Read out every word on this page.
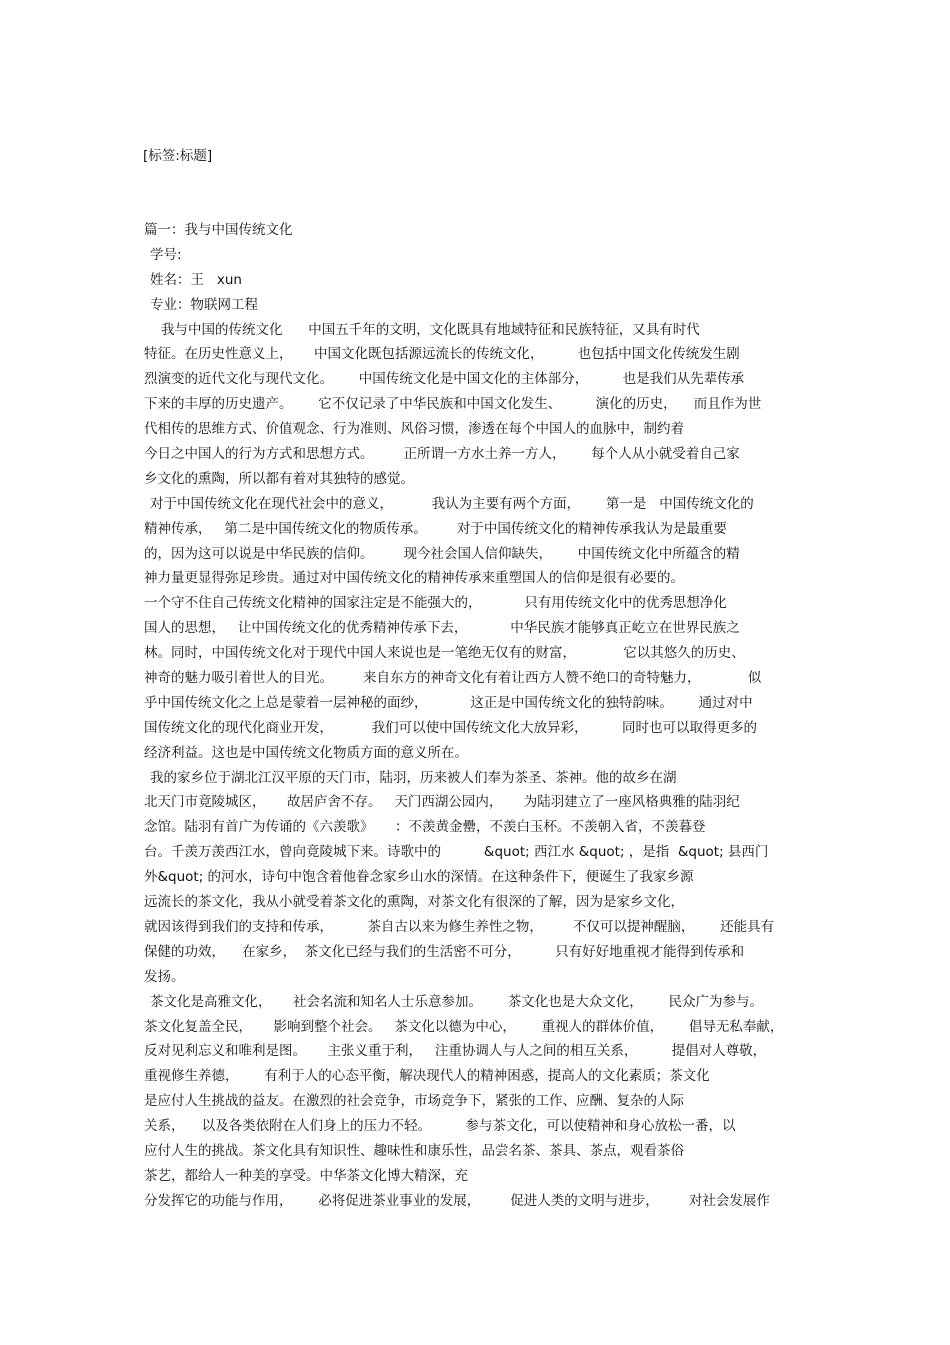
[标签:标题]
篇一：我与中国传统文化
学号:
姓名：王   xun
专业：物联网工程
我与中国的传统文化      中国五千年的文明，文化既具有地域特征和民族特征，又具有时代
特征。在历史性意义上，     中国文化既包括源远流长的传统文化，        也包括中国文化传统发生剧
烈演变的近代文化与现代文化。      中国传统文化是中国文化的主体部分，        也是我们从先辈传承
下来的丰厚的历史遗产。      它不仅记录了中华民族和中国文化发生、        演化的历史，    而且作为世
代相传的思维方式、价值观念、行为准则、风俗习惯，渗透在每个中国人的血脉中，制约着
今日之中国人的行为方式和思想方式。       正所谓一方水土养一方人，      每个人从小就受着自己家
乡文化的熏陶，所以都有着对其独特的感觉。
对于中国传统文化在现代社会中的意义，         我认为主要有两个方面，      第一是   中国传统文化的
精神传承，   第二是中国传统文化的物质传承。       对于中国传统文化的精神传承我认为是最重要
的，因为这可以说是中华民族的信仰。       现今社会国人信仰缺失，      中国传统文化中所蕴含的精
神力量更显得弥足珍贵。通过对中国传统文化的精神传承来重塑国人的信仰是很有必要的。
一个守不住自己传统文化精神的国家注定是不能强大的，          只有用传统文化中的优秀思想净化
国人的思想，   让中国传统文化的优秀精神传承下去，          中华民族才能够真正屹立在世界民族之
林。同时，中国传统文化对于现代中国人来说也是一笔绝无仅有的财富，           它以其悠久的历史、
神奇的魅力吸引着世人的目光。       来自东方的神奇文化有着让西方人赞不绝口的奇特魅力，           似
乎中国传统文化之上总是蒙着一层神秘的面纱，          这正是中国传统文化的独特韵味。      通过对中
国传统文化的现代化商业开发，         我们可以使中国传统文化大放异彩，        同时也可以取得更多的
经济利益。这也是中国传统文化物质方面的意义所在。
我的家乡位于湖北江汉平原的天门市，陆羽，历来被人们奉为茶圣、茶神。他的故乡在湖
北天门市竟陵城区，     故居庐舍不存。   天门西湖公园内，     为陆羽建立了一座风格典雅的陆羽纪
念馆。陆羽有首广为传诵的《六羡歌》     ：不羡黄金罍，不羡白玉杯。不羡朝入省，不羡暮登
台。千羡万羡西江水，曾向竟陵城下来。诗歌中的          &quot; 西江水 &quot; ，是指  &quot; 县西门
外&quot; 的河水，诗句中饱含着他眷念家乡山水的深情。在这种条件下，便诞生了我家乡源
远流长的茶文化，我从小就受着茶文化的熏陶，对茶文化有很深的了解，因为是家乡文化，
就因该得到我们的支持和传承，        茶自古以来为修生养性之物，       不仅可以提神醒脑，      还能具有
保健的功效，    在家乡，  茶文化已经与我们的生活密不可分，        只有好好地重视才能得到传承和
发扬。
茶文化是高雅文化，     社会名流和知名人士乐意参加。      茶文化也是大众文化，      民众广为参与。
茶文化复盖全民，     影响到整个社会。   茶文化以德为中心，      重视人的群体价值，      倡导无私奉献，
反对见利忘义和唯利是图。     主张义重于利，   注重协调人与人之间的相互关系，        提倡对人尊敬，
重视修生养德，      有利于人的心态平衡，解决现代人的精神困惑，提高人的文化素质；茶文化
是应付人生挑战的益友。在激烈的社会竞争，市场竞争下，紧张的工作、应酬、复杂的人际
关系，    以及各类依附在人们身上的压力不轻。        参与茶文化，可以使精神和身心放松一番，以
应付人生的挑战。茶文化具有知识性、趣味性和康乐性，品尝名茶、茶具、茶点，观看茶俗
茶艺，都给人一种美的享受。中华茶文化博大精深，充
分发挥它的功能与作用，      必将促进茶业事业的发展，       促进人类的文明与进步，       对社会发展作
